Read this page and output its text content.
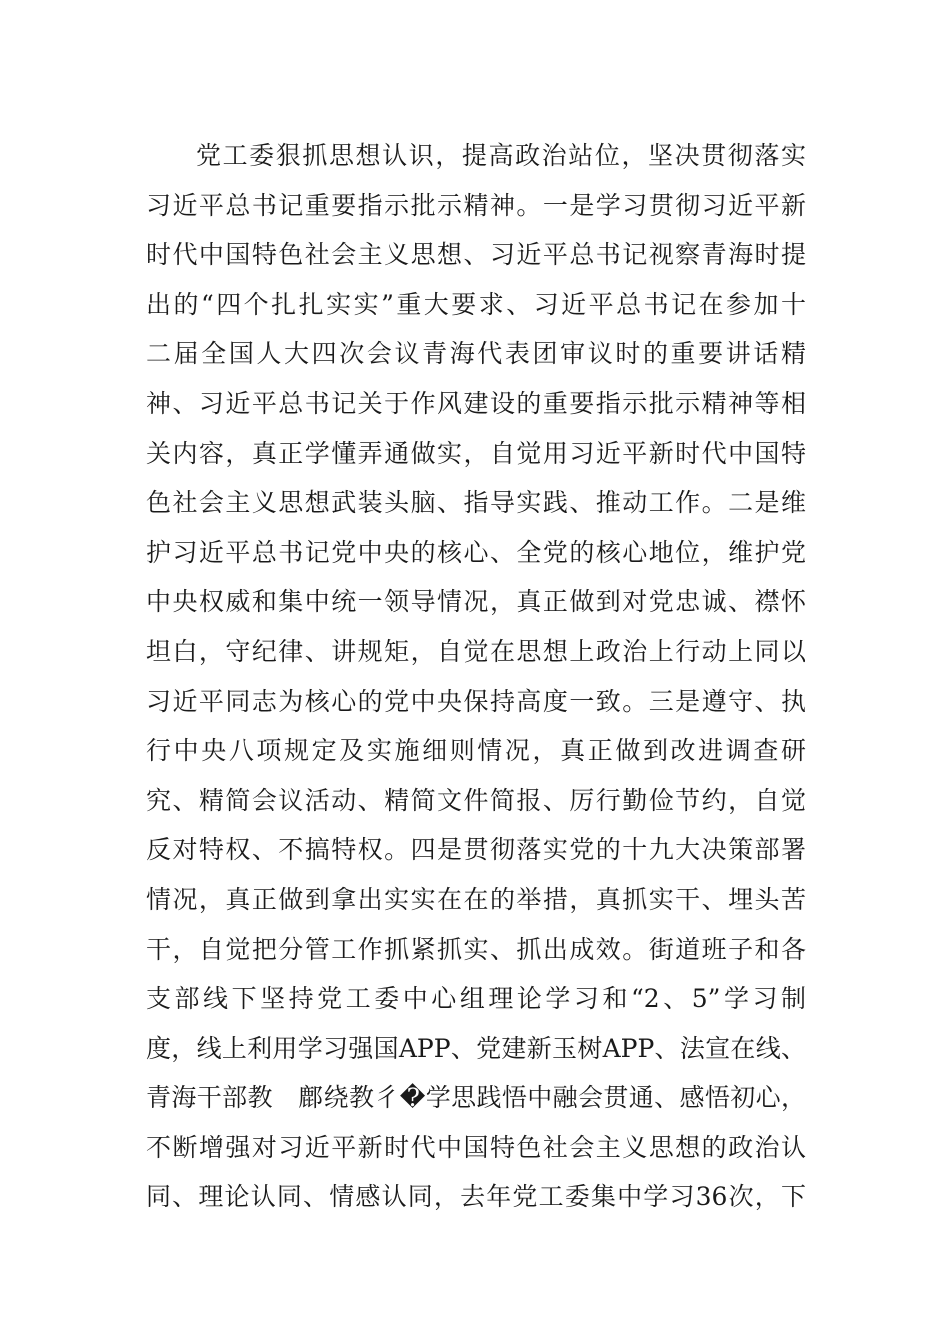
党工委狠抓思想认识，提高政治站位，坚决贯彻落实
习近平总书记重要指示批示精神。一是学习贯彻习近平新
时代中国特色社会主义思想、习近平总书记视察青海时提
出的“四个扎扎实实”重大要求、习近平总书记在参加十
二届全国人大四次会议青海代表团审议时的重要讲话精
神、习近平总书记关于作风建设的重要指示批示精神等相
关内容，真正学懂弄通做实，自觉用习近平新时代中国特
色社会主义思想武装头脑、指导实践、推动工作。二是维
护习近平总书记党中央的核心、全党的核心地位，维护党
中央权威和集中统一领导情况，真正做到对党忠诚、襟怀
坦白，守纪律、讲规矩，自觉在思想上政治上行动上同以
习近平同志为核心的党中央保持高度一致。三是遵守、执
行中央八项规定及实施细则情况，真正做到改进调查研
究、精简会议活动、精简文件简报、厉行勤俭节约，自觉
反对特权、不搞特权。四是贯彻落实党的十九大决策部署
情况，真正做到拿出实实在在的举措，真抓实干、埋头苦
干，自觉把分管工作抓紧抓实、抓出成效。街道班子和各
支部线下坚持党工委中心组理论学习和“2、5”学习制
度，线上利用学习强国APP、党建新玉树APP、法宣在线、
青海干部教　鄜绕教彳�学思践悟中融会贯通、感悟初心，
不断增强对习近平新时代中国特色社会主义思想的政治认
同、理论认同、情感认同，去年党工委集中学习36次，下
